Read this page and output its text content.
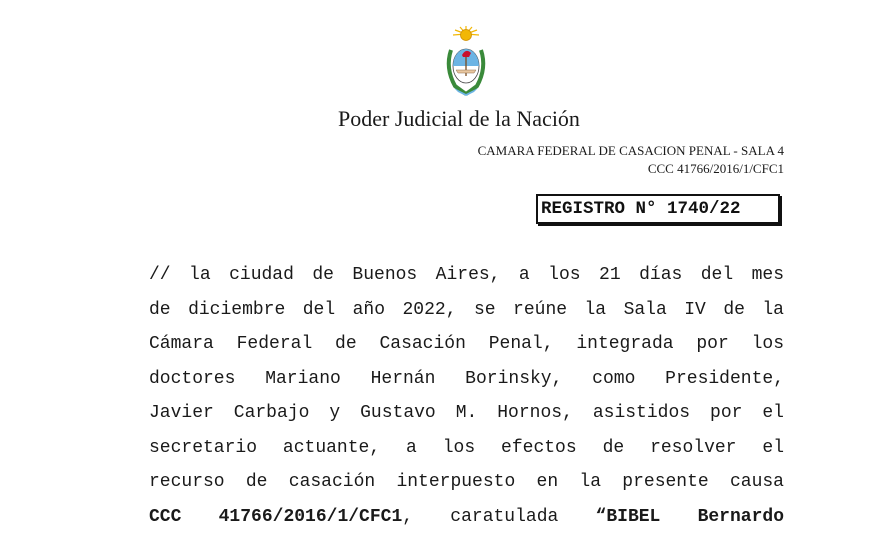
Poder Judicial de la Nación

CAMARA FEDERAL DE CASACION PENAL - SALA 4

CCC 41766/2016/1/CFC1

REGISTRO N° 1740/22
// la ciudad de Buenos Aires, a los 21 días del mes
de diciembre del año 2022, se reúne la Sala IV de la
Cámara Federal de Casación Penal, integrada por los
doctores Mariano Hernán Borinsky, como Presidente,
Javier Carbajo y Gustavo M. Hornos, asistidos por el
secretario actuante, a los efectos de resolver el
recurso de casación interpuesto en la presente causa
CCC 41766/2016/1/CFC1, caratulada “BIBEL Bernardo
